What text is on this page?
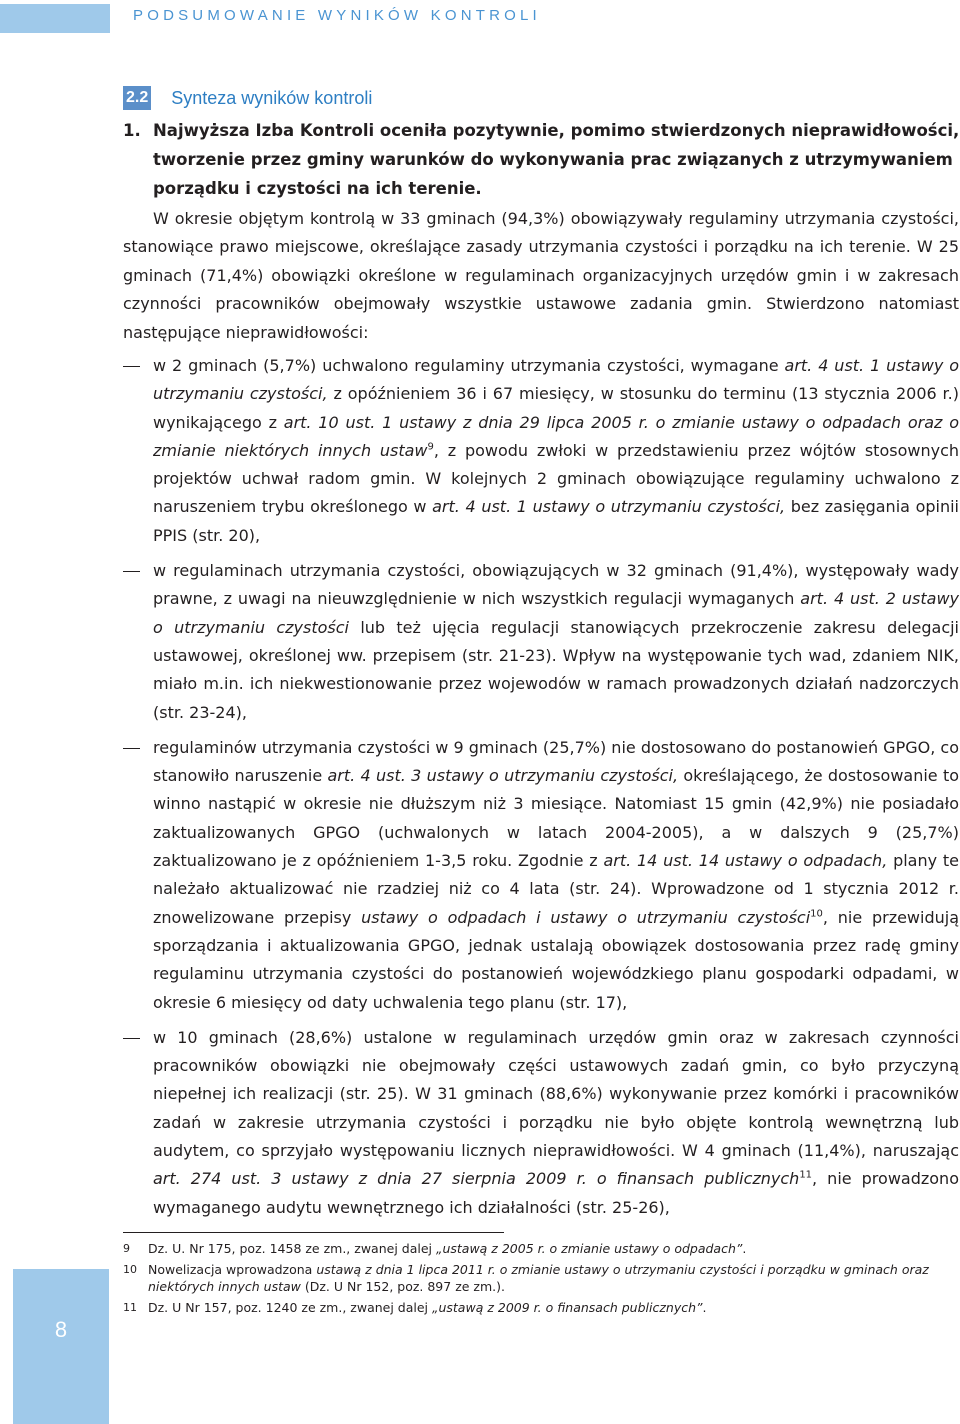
PODSUMOWANIE WYNIKÓW KONTROLI
2.2 Synteza wyników kontroli
1. Najwyższa Izba Kontroli oceniła pozytywnie, pomimo stwierdzonych nieprawidłowości, tworzenie przez gminy warunków do wykonywania prac związanych z utrzymywaniem porządku i czystości na ich terenie.

W okresie objętym kontrolą w 33 gminach (94,3%) obowiązywały regulaminy utrzymania czystości, stanowiące prawo miejscowe, określające zasady utrzymania czystości i porządku na ich terenie. W 25 gminach (71,4%) obowiązki określone w regulaminach organizacyjnych urzędów gmin i w zakresach czynności pracowników obejmowały wszystkie ustawowe zadania gmin. Stwierdzono natomiast następujące nieprawidłowości:

w 2 gminach (5,7%) uchwalono regulaminy utrzymania czystości, wymagane art. 4 ust. 1 ustawy o utrzymaniu czystości, z opóźnieniem 36 i 67 miesięcy, w stosunku do terminu (13 stycznia 2006 r.) wynikającego z art. 10 ust. 1 ustawy z dnia 29 lipca 2005 r. o zmianie ustawy o odpadach oraz o zmianie niektórych innych ustaw$^9$, z powodu zwłoki w przedstawieniu przez wójtów stosownych projektów uchwał radom gmin. W kolejnych 2 gminach obowiązujące regulaminy uchwalono z naruszeniem trybu określonego w art. 4 ust. 1 ustawy o utrzymaniu czystości, bez zasięgania opinii PPIS (str. 20),
w regulaminach utrzymania czystości, obowiązujących w 32 gminach (91,4%), występowały wady prawne, z uwagi na nieuwzględnienie w nich wszystkich regulacji wymaganych art. 4 ust. 2 ustawy o utrzymaniu czystości lub też ujęcia regulacji stanowiących przekroczenie zakresu delegacji ustawowej, określonej ww. przepisem (str. 21-23). Wpływ na występowanie tych wad, zdaniem NIK, miało m.in. ich niekwestionowanie przez wojewodów w ramach prowadzonych działań nadzorczych (str. 23-24),
regulaminów utrzymania czystości w 9 gminach (25,7%) nie dostosowano do postanowień GPGO, co stanowiło naruszenie art. 4 ust. 3 ustawy o utrzymaniu czystości, określającego, że dostosowanie to winno nastąpić w okresie nie dłuższym niż 3 miesiące. Natomiast 15 gmin (42,9%) nie posiadało zaktualizowanych GPGO (uchwalonych w latach 2004-2005), a w dalszych 9 (25,7%) zaktualizowano je z opóźnieniem 1-3,5 roku. Zgodnie z art. 14 ust. 14 ustawy o odpadach, plany te należało aktualizować nie rzadziej niż co 4 lata (str. 24). Wprowadzone od 1 stycznia 2012 r. znowelizowane przepisy ustawy o odpadach i ustawy o utrzymaniu czystości$^{10}$, nie przewidują sporządzania i aktualizowania GPGO, jednak ustalają obowiązek dostosowania przez radę gminy regulaminu utrzymania czystości do postanowień wojewódzkiego planu gospodarki odpadami, w okresie 6 miesięcy od daty uchwalenia tego planu (str. 17),
w 10 gminach (28,6%) ustalone w regulaminach urzędów gmin oraz w zakresach czynności pracowników obowiązki nie obejmowały części ustawowych zadań gmin, co było przyczyną niepełnej ich realizacji (str. 25). W 31 gminach (88,6%) wykonywanie przez komórki i pracowników zadań w zakresie utrzymania czystości i porządku nie było objęte kontrolą wewnętrzną lub audytem, co sprzyjało występowaniu licznych nieprawidłowości. W 4 gminach (11,4%), naruszając art. 274 ust. 3 ustawy z dnia 27 sierpnia 2009 r. o finansach publicznych$^{11}$, nie prowadzono wymaganego audytu wewnętrznego ich działalności (str. 25-26),
9 Dz. U. Nr 175, poz. 1458 ze zm., zwanej dalej „ustawą z 2005 r. o zmianie ustawy o odpadach”.
10 Nowelizacja wprowadzona ustawą z dnia 1 lipca 2011 r. o zmianie ustawy o utrzymaniu czystości i porządku w gminach oraz niektórych innych ustaw (Dz. U Nr 152, poz. 897 ze zm.).
11 Dz. U Nr 157, poz. 1240 ze zm., zwanej dalej „ustawą z 2009 r. o finansach publicznych”.
8
